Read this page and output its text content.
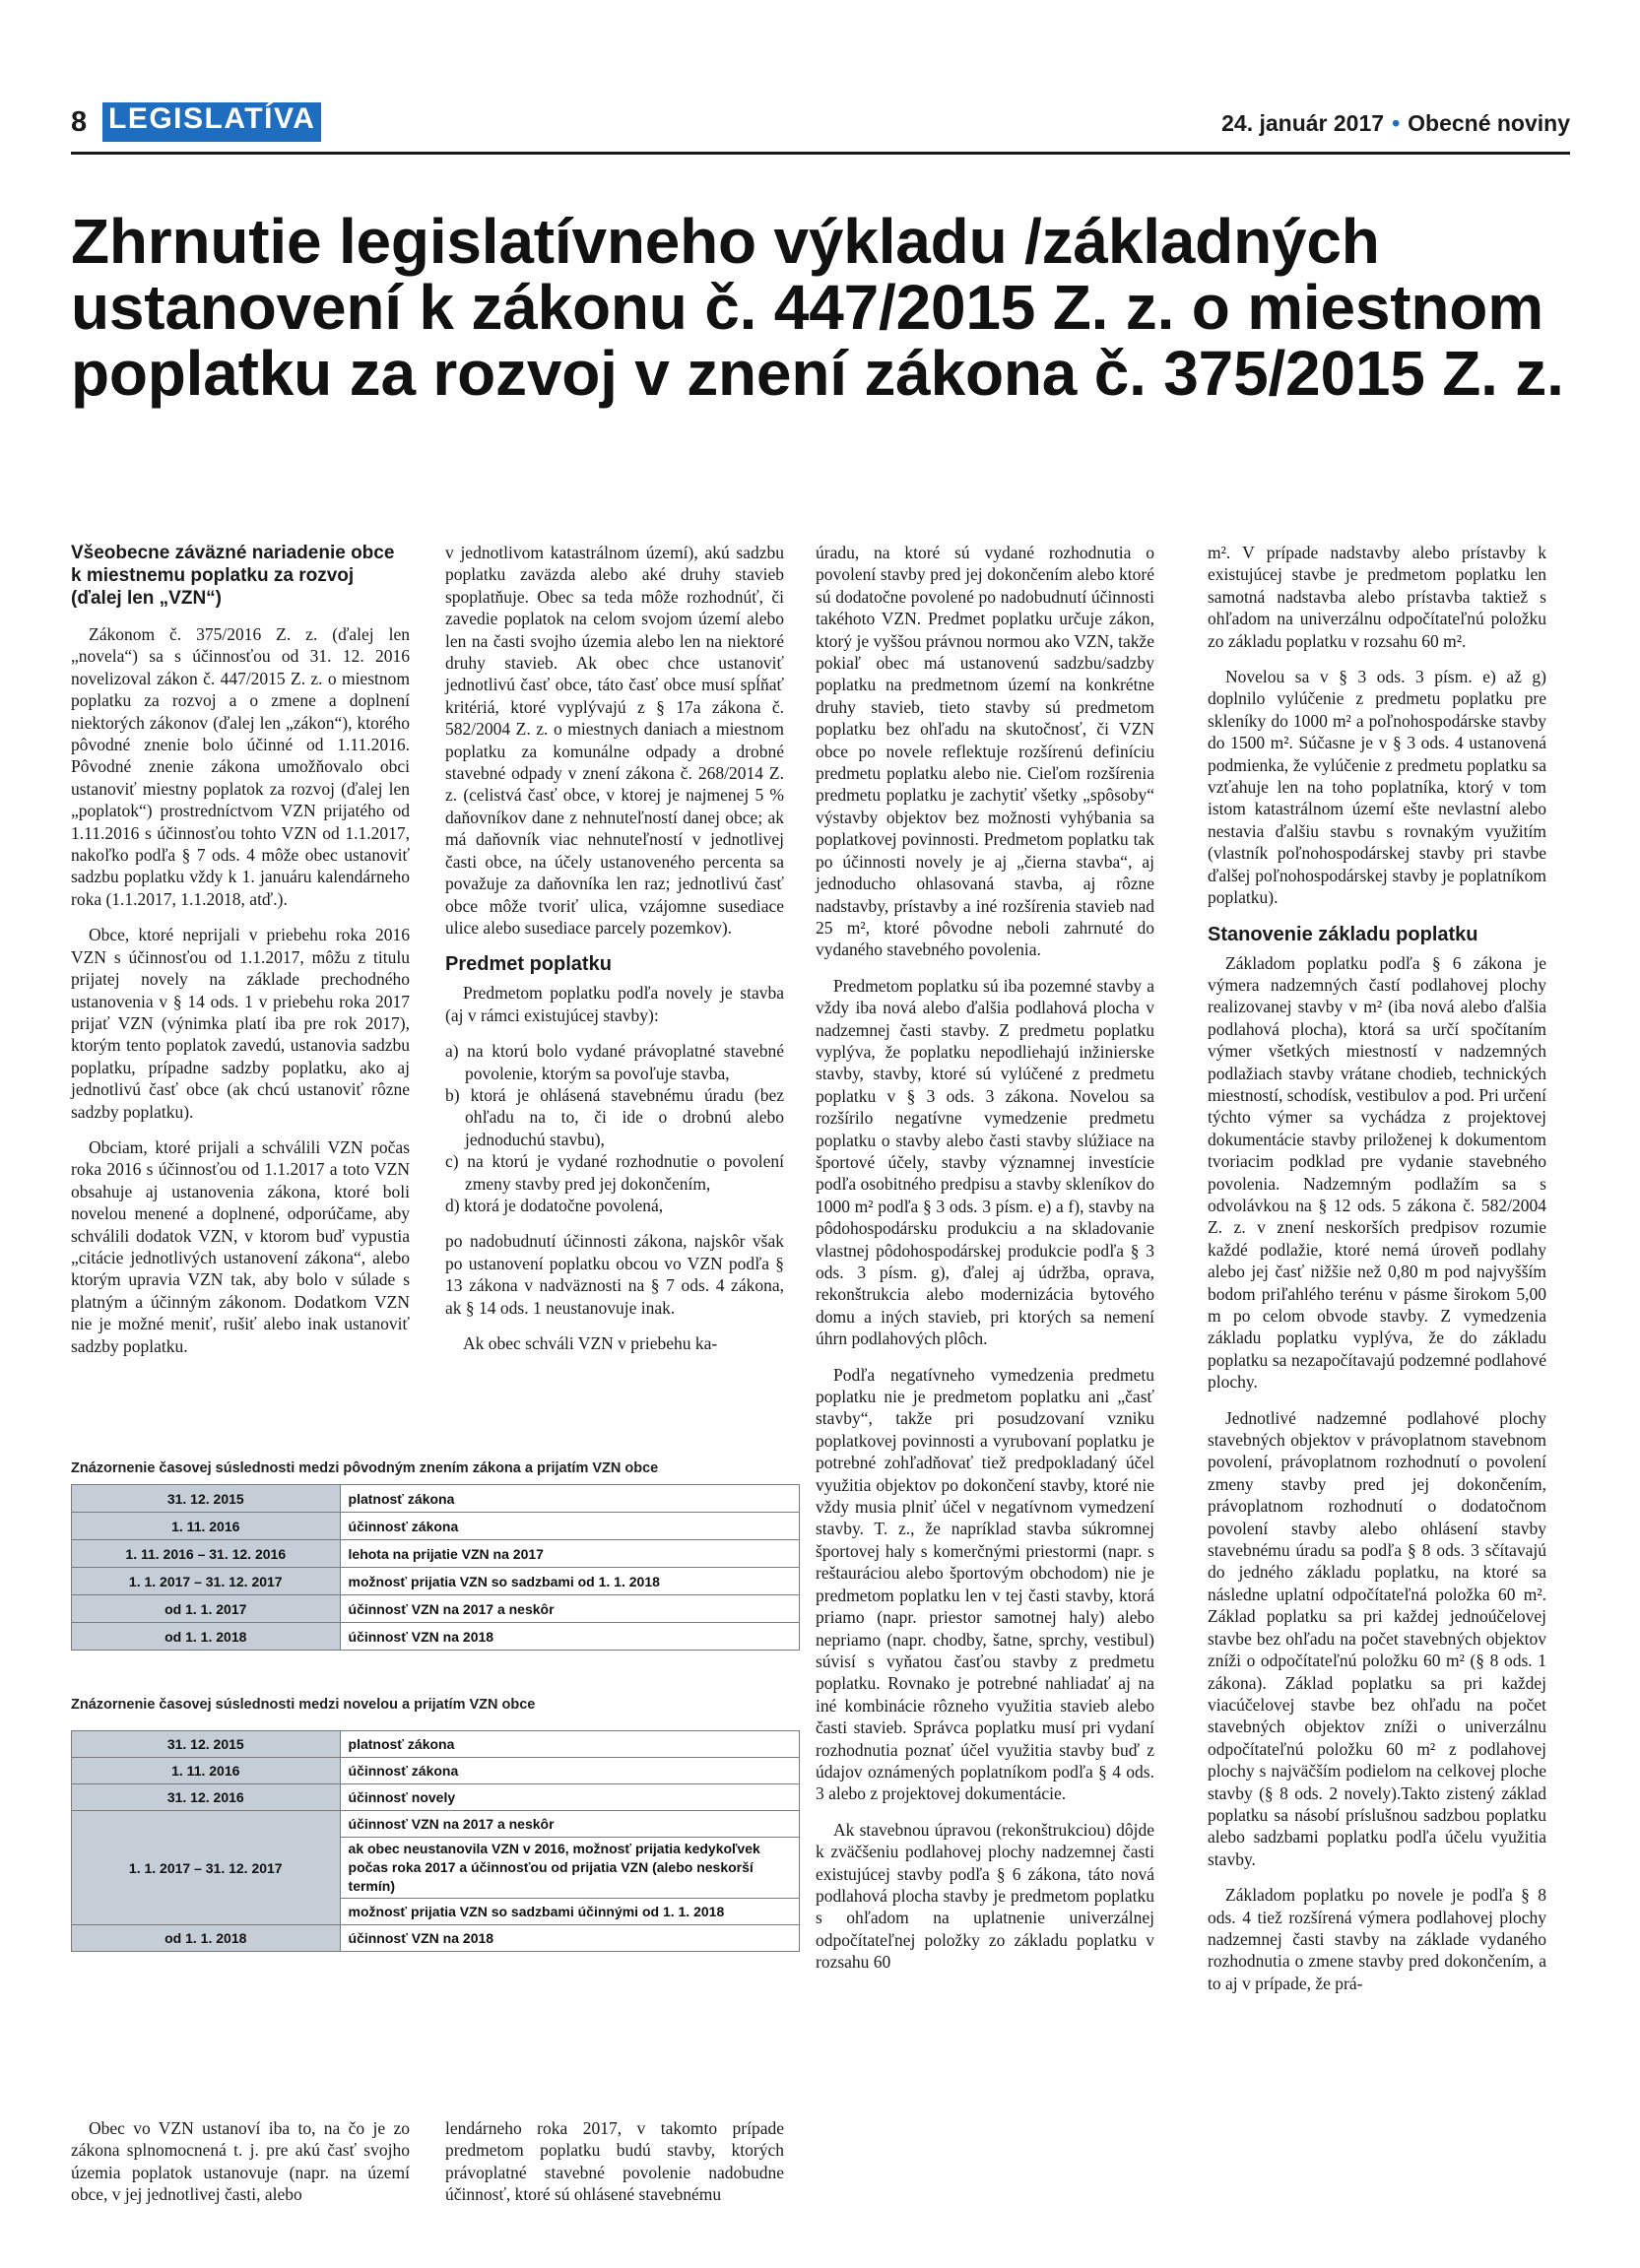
8 LEGISLATÍVA	24. január 2017 • Obecné noviny
Zhrnutie legislatívneho výkladu /základných ustanovení k zákonu č. 447/2015 Z. z. o miestnom poplatku za rozvoj v znení zákona č. 375/2015 Z. z.
Všeobecne záväzné nariadenie obce k miestnemu poplatku za rozvoj (ďalej len „VZN“)

Zákonom č. 375/2016 Z. z. (ďalej len „novela“) sa s účinnosťou od 31. 12. 2016 novelizoval zákon č. 447/2015 Z. z. o miestnom poplatku za rozvoj a o zmene a doplnení niektorých zákonov (ďalej len „zákon“), ktorého pôvodné znenie bolo účinné od 1.11.2016. Pôvodné znenie zákona umožňovalo obci ustanoviť miestny poplatok za rozvoj (ďalej len „poplatok“) prostredníctvom VZN prijatého od 1.11.2016 s účinnosťou tohto VZN od 1.1.2017, nakoľko podľa § 7 ods. 4 môže obec ustanoviť sadzbu poplatku vždy k 1. januáru kalendárneho roka (1.1.2017, 1.1.2018, atď.).

Obce, ktoré neprijali v priebehu roka 2016 VZN s účinnosťou od 1.1.2017, môžu z titulu prijatej novely na základe prechodného ustanovenia v § 14 ods. 1 v priebehu roka 2017 prijať VZN (výnimka platí iba pre rok 2017), ktorým tento poplatok zavedú, ustanovia sadzbu poplatku, prípadne sadzby poplatku, ako aj jednotlivú časť obce (ak chcú ustanoviť rôzne sadzby poplatku).

Obciam, ktoré prijali a schválili VZN počas roka 2016 s účinnosťou od 1.1.2017 a toto VZN obsahuje aj ustanovenia zákona, ktoré boli novelou menené a doplnené, odporúčame, aby schválili dodatok VZN, v ktorom buď vypustia „citácie jednotlivých ustanovení zákona“, alebo ktorým upravia VZN tak, aby bolo v súlade s platným a účinným zákonom. Dodatkom VZN nie je možné meniť, rušiť alebo inak ustanoviť sadzby poplatku.

v jednotlivom katastrálnom území), akú sadzbu poplatku zaväzda alebo aké druhy stavieb spoplatňuje. Obec sa teda môže rozhodnúť, či zavedie poplatok na celom svojom území alebo len na časti svojho územia alebo len na niektoré druhy stavieb. Ak obec chce ustanoviť jednotlivú časť obce, táto časť obce musí spĺňať kritériá, ktoré vyplývajú z § 17a zákona č. 582/2004 Z. z. o miestnych daniach a miestnom poplatku za komunálne odpady a drobné stavebné odpady v znení zákona č. 268/2014 Z. z. (celistvá časť obce, v ktorej je najmenej 5 % daňovníkov dane z nehnuteľností danej obce; ak má daňovník viac nehnuteľností v jednotlivej časti obce, na účely ustanoveného percenta sa považuje za daňovníka len raz; jednotlivú časť obce môže tvoriť ulica, vzájomne susediace ulice alebo susediace parcely pozemkov).

Predmet poplatku

Predmetom poplatku podľa novely je stavba (aj v rámci existujúcej stavby):

a) na ktorú bolo vydané právoplatné stavebné povolenie, ktorým sa povoľuje stavba,
b) ktorá je ohlásená stavebnému úradu (bez ohľadu na to, či ide o drobnú alebo jednoduchú stavbu),
c) na ktorú je vydané rozhodnutie o povolení zmeny stavby pred jej dokončením,
d) ktorá je dodatočne povolená,

po nadobudnutí účinnosti zákona, najskôr však po ustanovení poplatku obcou vo VZN podľa § 13 zákona v nadväznosti na § 7 ods. 4 zákona, ak § 14 ods. 1 neustanovuje inak.

Ak obec schváli VZN v priebehu ka-

úradu, na ktoré sú vydané rozhodnutia o povolení stavby pred jej dokončením alebo ktoré sú dodatočne povolené po nadobudnutí účinnosti takéhoto VZN. Predmet poplatku určuje zákon, ktorý je vyššou právnou normou ako VZN, takže pokiaľ obec má ustanovenú sadzbu/sadzby poplatku na predmetnom území na konkrétne druhy stavieb, tieto stavby sú predmetom poplatku bez ohľadu na skutočnosť, či VZN obce po novele reflektuje rozšírenú definíciu predmetu poplatku alebo nie. Cieľom rozšírenia predmetu poplatku je zachytiť všetky „spôsoby“ výstavby objektov bez možnosti vyhýbania sa poplatkovej povinnosti. Predmetom poplatku tak po účinnosti novely je aj „čierna stavba“, aj jednoducho ohlasovaná stavba, aj rôzne nadstavby, prístavby a iné rozšírenia stavieb nad 25 m², ktoré pôvodne neboli zahrnuté do vydaného stavebného povolenia.

Predmetom poplatku sú iba pozemné stavby a vždy iba nová alebo ďalšia podlahová plocha v nadzemnej časti stavby. Z predmetu poplatku vyplýva, že poplatku nepodliehajú inžinierske stavby, stavby, ktoré sú vylúčené z predmetu poplatku v § 3 ods. 3 zákona. Novelou sa rozšírilo negatívne vymedzenie predmetu poplatku o stavby alebo časti stavby slúžiace na športové účely, stavby významnej investície podľa osobitného predpisu a stavby skleníkov do 1000 m² podľa § 3 ods. 3 písm. e) a f), stavby na pôdohospodársku produkciu a na skladovanie vlastnej pôdohospodárskej produkcie podľa § 3 ods. 3 písm. g), ďalej aj údržba, oprava, rekonštrukcia alebo modernizácia bytového domu a iných stavieb, pri ktorých sa nemení úhrn podlahových plôch.

Podľa negatívneho vymedzenia predmetu poplatku nie je predmetom poplatku ani „časť stavby“, takže pri posudzovaní vzniku poplatkovej povinnosti a vyrubovaní poplatku je potrebné zohľadňovať tiež predpokladaný účel využitia objektov po dokončení stavby, ktoré nie vždy musia plniť účel v negatívnom vymedzení stavby. T. z., že napríklad stavba súkromnej športovej haly s komerčnými priestormi (napr. s reštauráciou alebo športovým obchodom) nie je predmetom poplatku len v tej časti stavby, ktorá priamo (napr. priestor samotnej haly) alebo nepriamo (napr. chodby, šatne, sprchy, vestibul) súvisí s vyňatou časťou stavby z predmetu poplatku. Rovnako je potrebné nahliadať aj na iné kombinácie rôzneho využitia stavieb alebo časti stavieb. Správca poplatku musí pri vydaní rozhodnutia poznať účel využitia stavby buď z údajov oznámených poplatníkom podľa § 4 ods. 3 alebo z projektovej dokumentácie.

Ak stavebnou úpravou (rekonštrukciou) dôjde k zväčšeniu podlahovej plochy nadzemnej časti existujúcej stavby podľa § 6 zákona, táto nová podlahová plocha stavby je predmetom poplatku s ohľadom na uplatnenie univerzálnej odpočítateľnej položky zo základu poplatku v rozsahu 60

m². V prípade nadstavby alebo prístavby k existujúcej stavbe je predmetom poplatku len samotná nadstavba alebo prístavba taktiež s ohľadom na univerzálnu odpočítateľnú položku zo základu poplatku v rozsahu 60 m².

Novelou sa v § 3 ods. 3 písm. e) až g) doplnilo vylúčenie z predmetu poplatku pre skleníky do 1000 m² a poľnohospodárske stavby do 1500 m². Súčasne je v § 3 ods. 4 ustanovená podmienka, že vylúčenie z predmetu poplatku sa vzťahuje len na toho poplatníka, ktorý v tom istom katastrálnom území ešte nevlastní alebo nestavia ďalšiu stavbu s rovnakým využitím (vlastník poľnohospodárskej stavby pri stavbe ďalšej poľnohospodárskej stavby je poplatníkom poplatku).

Stanovenie základu poplatku

Základom poplatku podľa § 6 zákona je výmera nadzemných častí podlahovej plochy realizovanej stavby v m² (iba nová alebo ďalšia podlahová plocha), ktorá sa určí spočítaním výmer všetkých miestností v nadzemných podlažiach stavby vrátane chodieb, technických miestností, schodísk, vestibulov a pod. Pri určení týchto výmer sa vychádza z projektovej dokumentácie stavby priloženej k dokumentom tvoriacim podklad pre vydanie stavebného povolenia. Nadzemným podlažím sa s odvolávkou na § 12 ods. 5 zákona č. 582/2004 Z. z. v znení neskorších predpisov rozumie každé podlažie, ktoré nemá úroveň podlahy alebo jej časť nižšie než 0,80 m pod najvyšším bodom priľahlého terénu v pásme širokom 5,00 m po celom obvode stavby. Z vymedzenia základu poplatku vyplýva, že do základu poplatku sa nezapočítavajú podzemné podlahové plochy.

Jednotlivé nadzemné podlahové plochy stavebných objektov v právoplatnom stavebnom povolení, právoplatnom rozhodnutí o povolení zmeny stavby pred jej dokončením, právoplatnom rozhodnutí o dodatočnom povolení stavby alebo ohlásení stavby stavebnému úradu sa podľa § 8 ods. 3 sčítavajú do jedného základu poplatku, na ktoré sa následne uplatní odpočítateľná položka 60 m². Základ poplatku sa pri každej jednoúčelovej stavbe bez ohľadu na počet stavebných objektov zníži o odpočítateľnú položku 60 m² (§ 8 ods. 1 zákona). Základ poplatku sa pri každej viacúčelovej stavbe bez ohľadu na počet stavebných objektov zníži o univerzálnu odpočítateľnú položku 60 m² z podlahovej plochy s najväčším podielom na celkovej ploche stavby (§ 8 ods. 2 novely).Takto zistený základ poplatku sa násobí príslušnou sadzbou poplatku alebo sadzbami poplatku podľa účelu využitia stavby.

Základom poplatku po novele je podľa § 8 ods. 4 tiež rozšírená výmera podlahovej plochy nadzemnej časti stavby na základe vydaného rozhodnutia o zmene stavby pred dokončením, a to aj v prípade, že prá-

Znázornenie časovej súslednosti medzi pôvodným znením zákona a prijatím VZN obce

31. 12. 2015	platnosť zákona
1. 11. 2016	účinnosť zákona
1. 11. 2016 – 31. 12. 2016	lehota na prijatie VZN na 2017
1. 1. 2017 – 31. 12. 2017	možnosť prijatia VZN so sadzbami od 1. 1. 2018
od 1. 1. 2017	účinnosť VZN na 2017 a neskôr
od 1. 1. 2018	účinnosť VZN na 2018

Znázornenie časovej súslednosti medzi novelou a prijatím VZN obce

31. 12. 2015	platnosť zákona
1. 11. 2016	účinnosť zákona
31. 12. 2016	účinnosť novely
1. 1. 2017 – 31. 12. 2017	účinnosť VZN na 2017 a neskôr
	ak obec neustanovila VZN v 2016, možnosť prijatia kedykoľvek počas roka 2017 a účinnosťou od prijatia VZN (alebo neskorší termín)
	možnosť prijatia VZN so sadzbami účinnými od 1. 1. 2018
od 1. 1. 2018	účinnosť VZN na 2018

Obec vo VZN ustanoví iba to, na čo je zo zákona splnomocnená t. j. pre akú časť svojho územia poplatok ustanovuje (napr. na území obce, v jej jednotlivej časti, alebo

lendárneho roka 2017, v takomto prípade predmetom poplatku budú stavby, ktorých právoplatné stavebné povolenie nadobudne účinnosť, ktoré sú ohlásené stavebnému
